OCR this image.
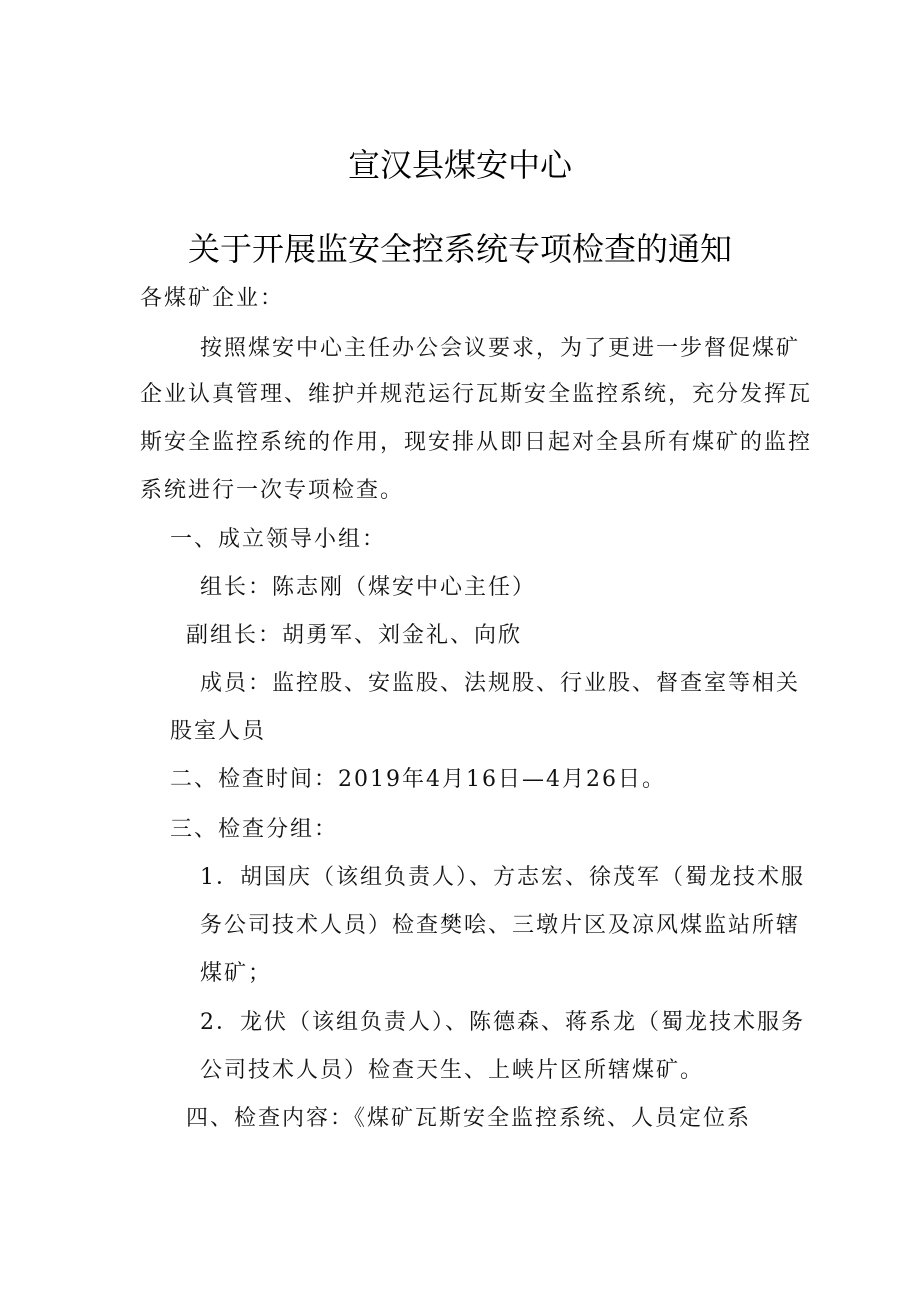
宣汉县煤安中心
关于开展监安全控系统专项检查的通知
各煤矿企业：
按照煤安中心主任办公会议要求，为了更进一步督促煤矿
企业认真管理、维护并规范运行瓦斯安全监控系统，充分发挥瓦
斯安全监控系统的作用，现安排从即日起对全县所有煤矿的监控
系统进行一次专项检查。
一、成立领导小组：
组长：陈志刚（煤安中心主任）
副组长：胡勇军、刘金礼、向欣
成员：监控股、安监股、法规股、行业股、督查室等相关
股室人员
二、检查时间：2019年4月16日—4月26日。
三、检查分组：
1．胡国庆（该组负责人）、方志宏、徐茂军（蜀龙技术服
务公司技术人员）检查樊哙、三墩片区及凉风煤监站所辖
煤矿；
2．龙伏（该组负责人）、陈德森、蒋系龙（蜀龙技术服务
公司技术人员）检查天生、上峡片区所辖煤矿。
四、检查内容：《煤矿瓦斯安全监控系统、人员定位系
